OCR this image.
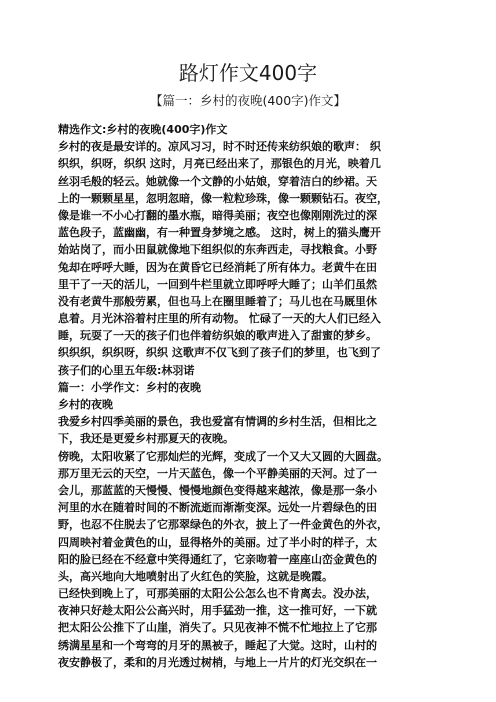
路灯作文400字
【篇一：乡村的夜晚(400字)作文】
精选作文:乡村的夜晚(400字)作文
乡村的夜是最安详的。凉风习习，时不时还传来纺织娘的歌声： 织
织织，织呀，织织 这时，月亮已经出来了，那银色的月光，映着几
丝羽毛般的轻云。她就像一个文静的小姑娘，穿着洁白的纱裙。天
上的一颗颗星星，忽明忽暗，像一粒粒珍珠，像一颗颗钻石。夜空，
像是谁一不小心打翻的墨水瓶，暗得美丽；夜空也像刚刚洗过的深
蓝色段子，蓝幽幽，有一种置身梦境之感。 这时，树上的猫头鹰开
始站岗了，而小田鼠就像地下组织似的东奔西走，寻找粮食。小野
兔却在呼呼大睡，因为在黄昏它已经消耗了所有体力。老黄牛在田
里干了一天的活儿，一回到牛栏里就立即呼呼大睡了；山羊们虽然
没有老黄牛那般劳累，但也马上在圈里睡着了；马儿也在马厩里休
息着。月光沐浴着村庄里的所有动物。 忙碌了一天的大人们已经入
睡，玩耍了一天的孩子们也伴着纺织娘的歌声进入了甜蜜的梦乡。
织织织，织织呀，织织 这歌声不仅飞到了孩子们的梦里，也飞到了
孩子们的心里五年级:林羽诺
篇一：小学作文：乡村的夜晚
乡村的夜晚
我爱乡村四季美丽的景色，我也爱富有情调的乡村生活，但相比之
下，我还是更爱乡村那夏天的夜晚。
傍晚，太阳收紧了它那灿烂的光辉，变成了一个又大又圆的大圆盘。
那万里无云的天空，一片天蓝色，像一个平静美丽的天河。过了一
会儿，那蓝蓝的天慢慢、慢慢地颜色变得越来越浓，像是那一条小
河里的水在随着时间的不断流逝而渐渐变深。远处一片碧绿色的田
野，也忍不住脱去了它那翠绿色的外衣，披上了一件金黄色的外衣，
四周映衬着金黄色的山，显得格外的美丽。过了半小时的样子，太
阳的脸已经在不经意中笑得通红了，它亲吻着一座座山峦金黄色的
头，高兴地向大地喷射出了火红色的笑脸，这就是晚霞。
已经快到晚上了，可那美丽的太阳公公怎么也不肯离去。没办法，
夜神只好趁太阳公公高兴时，用手猛劲一推，这一推可好，一下就
把太阳公公推下了山崖，消失了。只见夜神不慌不忙地拉上了它那
绣满星星和一个弯弯的月牙的黑被子，睡起了大觉。这时，山村的
夜安静极了，柔和的月光透过树梢，与地上一片片的灯光交织在一
